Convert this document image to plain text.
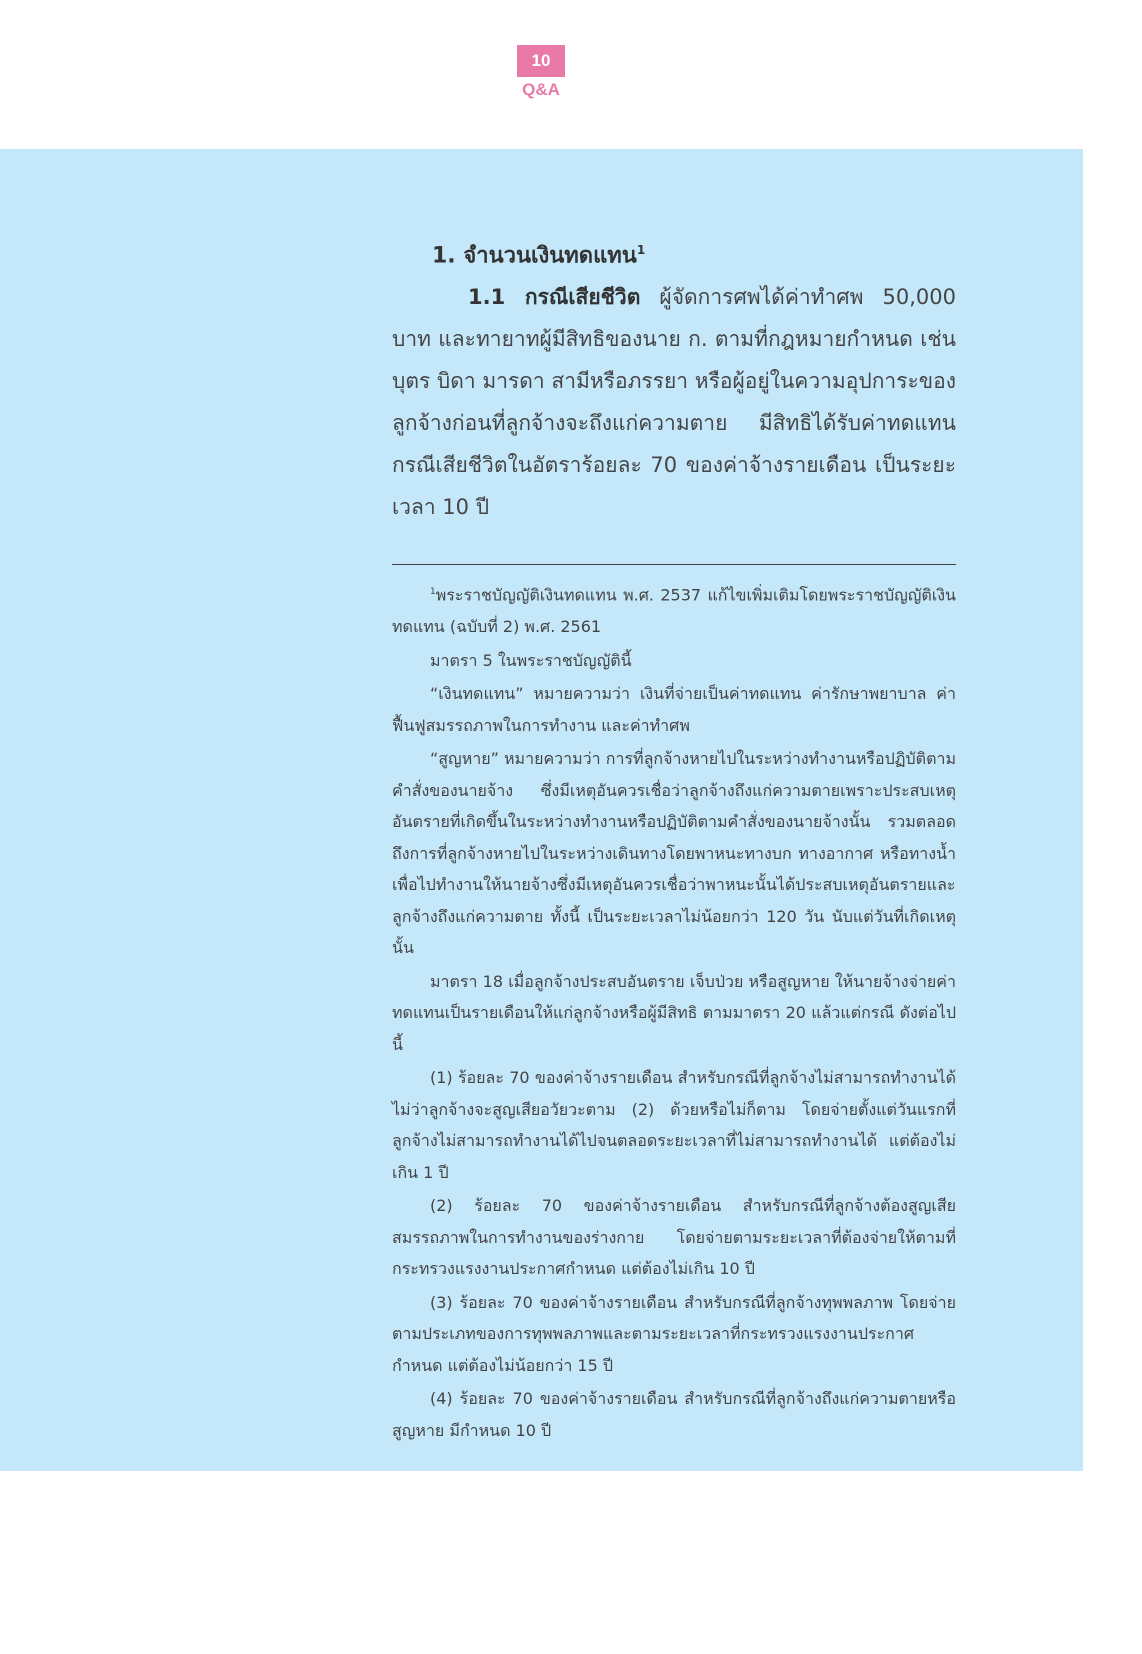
10
Q&A

1. จำนวนเงินทดแทน$^1$

1.1 กรณีเสียชีวิต ผู้จัดการศพได้ค่าทำศพ 50,000 บาท และทายาทผู้มีสิทธิของนาย ก. ตามที่กฎหมายกำหนด เช่น บุตร บิดา มารดา สามีหรือภรรยา หรือผู้อยู่ในความอุปการะของลูกจ้างก่อนที่ลูกจ้างจะถึงแก่ความตาย มีสิทธิได้รับค่าทดแทนกรณีเสียชีวิตในอัตราร้อยละ 70 ของค่าจ้างรายเดือน เป็นระยะเวลา 10 ปี

$^1$พระราชบัญญัติเงินทดแทน พ.ศ. 2537 แก้ไขเพิ่มเติมโดยพระราชบัญญัติเงินทดแทน (ฉบับที่ 2) พ.ศ. 2561

มาตรา 5 ในพระราชบัญญัตินี้

“เงินทดแทน” หมายความว่า เงินที่จ่ายเป็นค่าทดแทน ค่ารักษาพยาบาล ค่าฟื้นฟูสมรรถภาพในการทำงาน และค่าทำศพ

“สูญหาย” หมายความว่า การที่ลูกจ้างหายไปในระหว่างทำงานหรือปฏิบัติตามคำสั่งของนายจ้าง ซึ่งมีเหตุอันควรเชื่อว่าลูกจ้างถึงแก่ความตายเพราะประสบเหตุอันตรายที่เกิดขึ้นในระหว่างทำงานหรือปฏิบัติตามคำสั่งของนายจ้างนั้น รวมตลอดถึงการที่ลูกจ้างหายไปในระหว่างเดินทางโดยพาหนะทางบก ทางอากาศ หรือทางน้ำ เพื่อไปทำงานให้นายจ้างซึ่งมีเหตุอันควรเชื่อว่าพาหนะนั้นได้ประสบเหตุอันตรายและลูกจ้างถึงแก่ความตาย ทั้งนี้ เป็นระยะเวลาไม่น้อยกว่า 120 วัน นับแต่วันที่เกิดเหตุนั้น

มาตรา 18 เมื่อลูกจ้างประสบอันตราย เจ็บป่วย หรือสูญหาย ให้นายจ้างจ่ายค่าทดแทนเป็นรายเดือนให้แก่ลูกจ้างหรือผู้มีสิทธิ ตามมาตรา 20 แล้วแต่กรณี ดังต่อไปนี้

(1) ร้อยละ 70 ของค่าจ้างรายเดือน สำหรับกรณีที่ลูกจ้างไม่สามารถทำงานได้ ไม่ว่าลูกจ้างจะสูญเสียอวัยวะตาม (2) ด้วยหรือไม่ก็ตาม โดยจ่ายตั้งแต่วันแรกที่ลูกจ้างไม่สามารถทำงานได้ไปจนตลอดระยะเวลาที่ไม่สามารถทำงานได้ แต่ต้องไม่เกิน 1 ปี

(2) ร้อยละ 70 ของค่าจ้างรายเดือน สำหรับกรณีที่ลูกจ้างต้องสูญเสียสมรรถภาพในการทำงานของร่างกาย โดยจ่ายตามระยะเวลาที่ต้องจ่ายให้ตามที่กระทรวงแรงงานประกาศกำหนด แต่ต้องไม่เกิน 10 ปี

(3) ร้อยละ 70 ของค่าจ้างรายเดือน สำหรับกรณีที่ลูกจ้างทุพพลภาพ โดยจ่ายตามประเภทของการทุพพลภาพและตามระยะเวลาที่กระทรวงแรงงานประกาศกำหนด แต่ต้องไม่น้อยกว่า 15 ปี

(4) ร้อยละ 70 ของค่าจ้างรายเดือน สำหรับกรณีที่ลูกจ้างถึงแก่ความตายหรือสูญหาย มีกำหนด 10 ปี
